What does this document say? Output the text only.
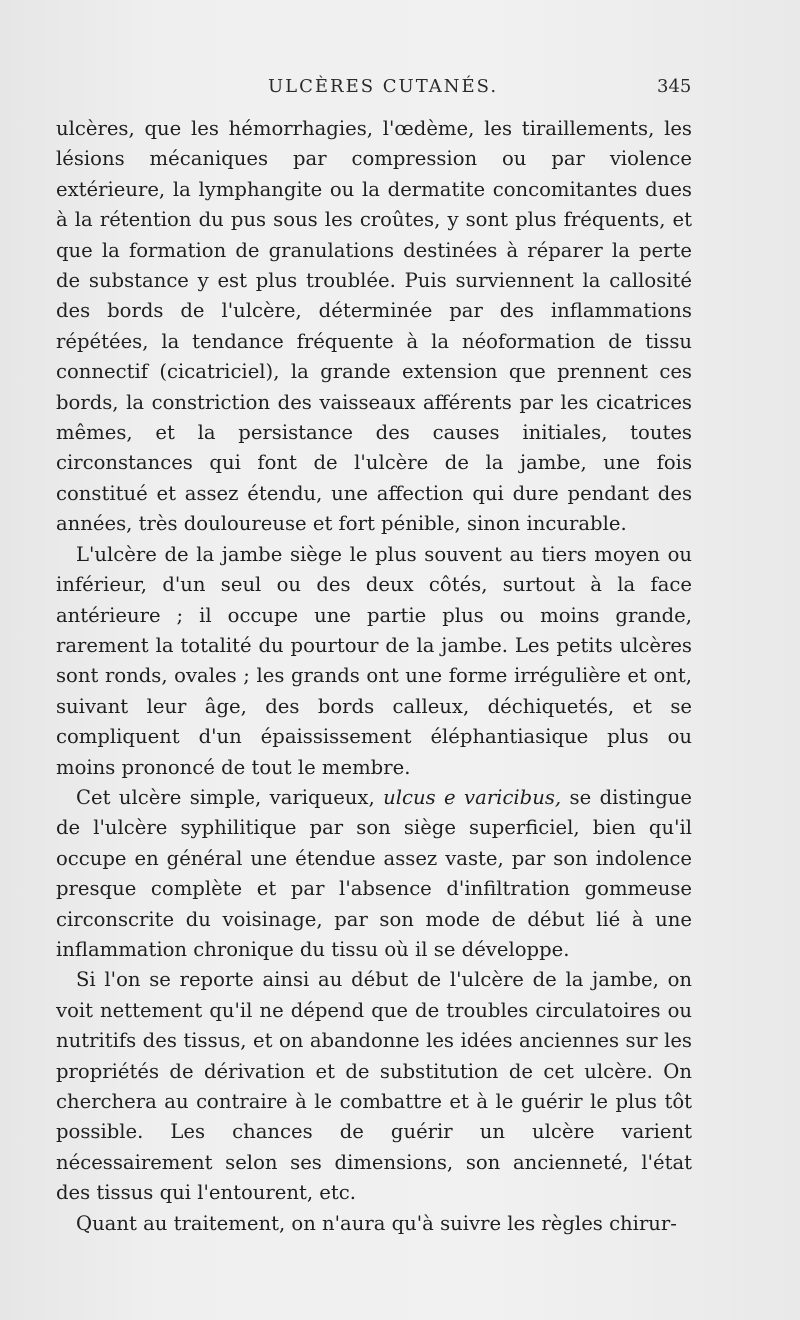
ULCÈRES CUTANÉS.	345

ulcères, que les hémorrhagies, l'œdème, les tiraillements, les lésions mécaniques par compression ou par violence extérieure, la lymphangite ou la dermatite concomitantes dues à la rétention du pus sous les croûtes, y sont plus fréquents, et que la formation de granulations destinées à réparer la perte de substance y est plus troublée. Puis surviennent la callosité des bords de l'ulcère, déterminée par des inflammations répétées, la tendance fréquente à la néoformation de tissu connectif (cicatriciel), la grande extension que prennent ces bords, la constriction des vaisseaux afférents par les cicatrices mêmes, et la persistance des causes initiales, toutes circonstances qui font de l'ulcère de la jambe, une fois constitué et assez étendu, une affection qui dure pendant des années, très douloureuse et fort pénible, sinon incurable.

L'ulcère de la jambe siège le plus souvent au tiers moyen ou inférieur, d'un seul ou des deux côtés, surtout à la face antérieure ; il occupe une partie plus ou moins grande, rarement la totalité du pourtour de la jambe. Les petits ulcères sont ronds, ovales ; les grands ont une forme irrégulière et ont, suivant leur âge, des bords calleux, déchiquetés, et se compliquent d'un épaississement éléphantiasique plus ou moins prononcé de tout le membre.

Cet ulcère simple, variqueux, ulcus e varicibus, se distingue de l'ulcère syphilitique par son siège superficiel, bien qu'il occupe en général une étendue assez vaste, par son indolence presque complète et par l'absence d'infiltration gommeuse circonscrite du voisinage, par son mode de début lié à une inflammation chronique du tissu où il se développe.

Si l'on se reporte ainsi au début de l'ulcère de la jambe, on voit nettement qu'il ne dépend que de troubles circulatoires ou nutritifs des tissus, et on abandonne les idées anciennes sur les propriétés de dérivation et de substitution de cet ulcère. On cherchera au contraire à le combattre et à le guérir le plus tôt possible. Les chances de guérir un ulcère varient nécessairement selon ses dimensions, son ancienneté, l'état des tissus qui l'entourent, etc.

Quant au traitement, on n'aura qu'à suivre les règles chirur-
